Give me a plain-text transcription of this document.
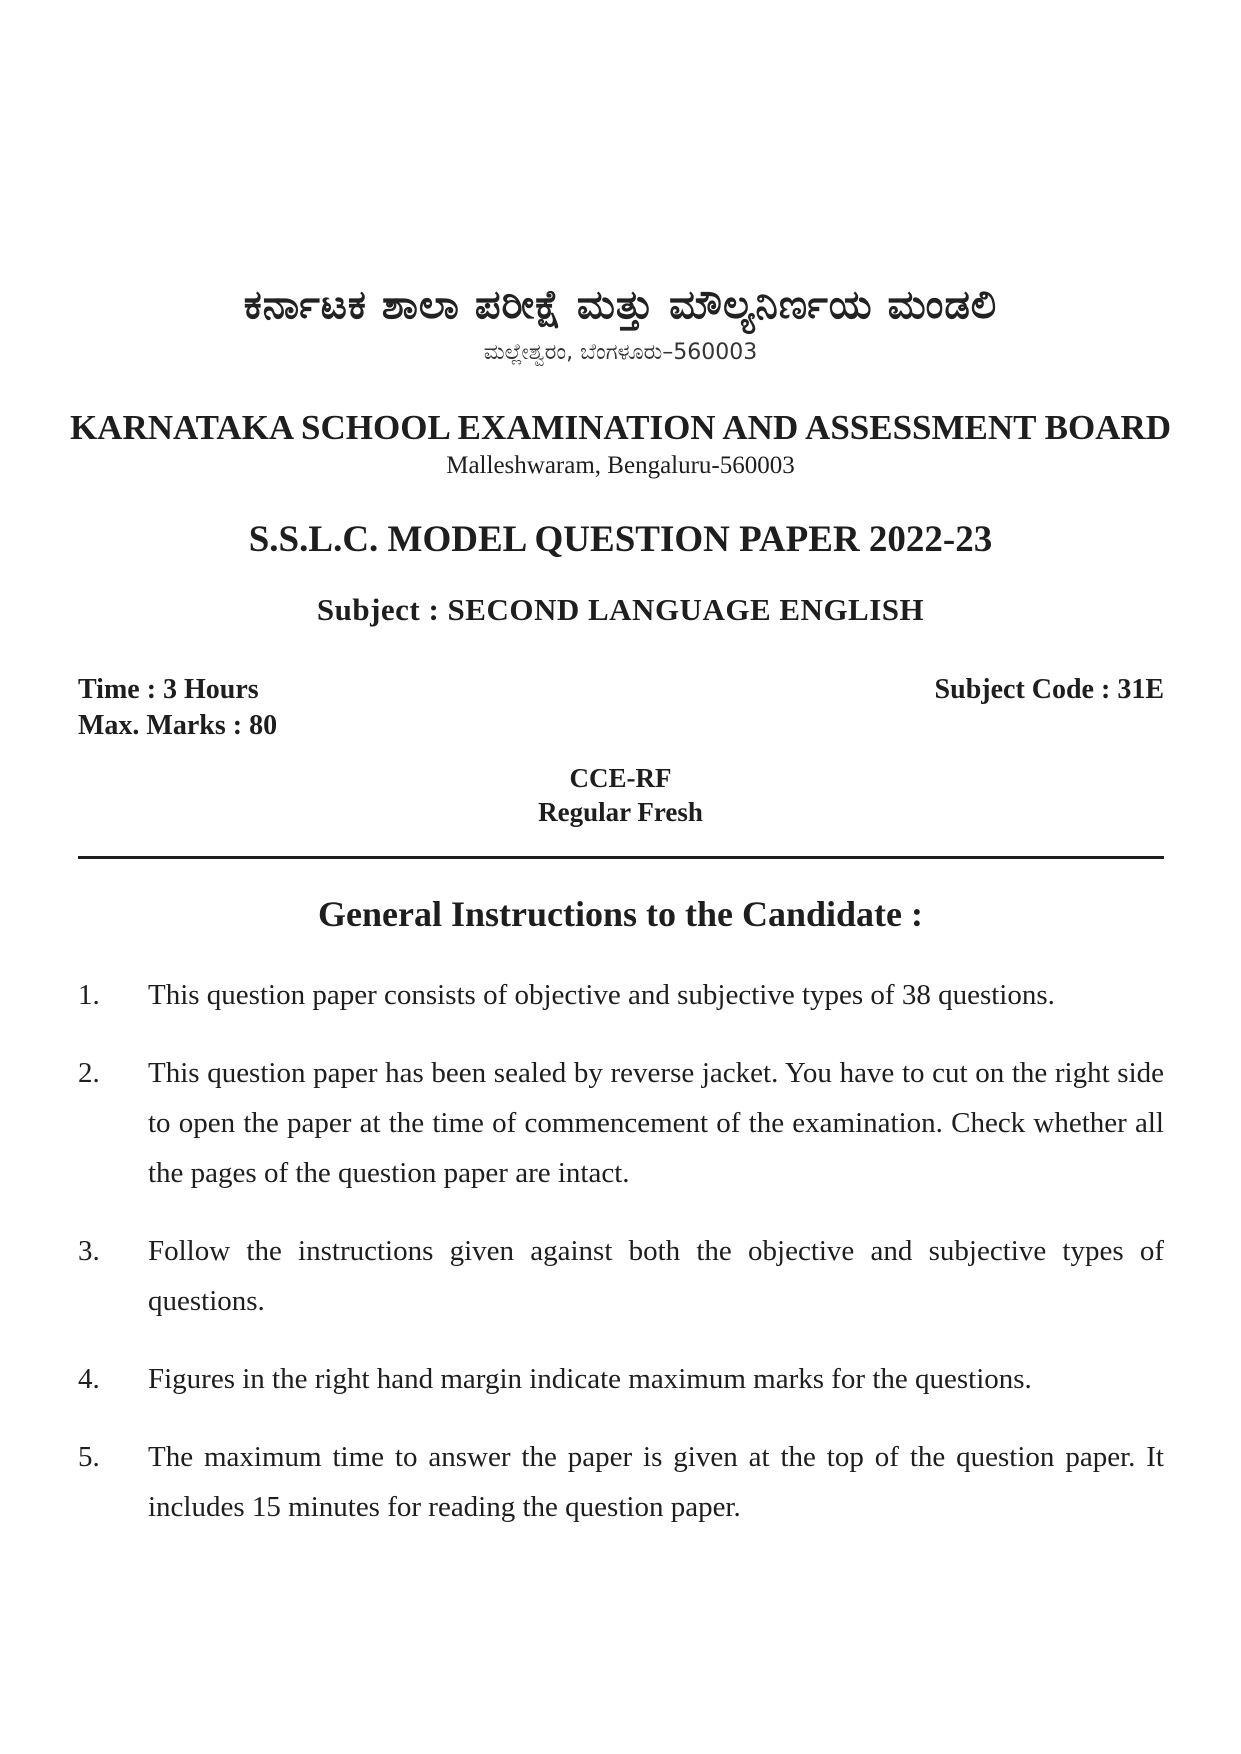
ಕರ್ನಾಟಕ ಶಾಲಾ ಪರೀಕ್ಷೆ ಮತ್ತು ಮೌಲ್ಯನಿರ್ಣಯ ಮಂಡಲಿ
ಮಲ್ಲೇಶ್ವರಂ, ಬೆಂಗಳೂರು–560003
KARNATAKA SCHOOL EXAMINATION AND ASSESSMENT BOARD
Malleshwaram, Bengaluru-560003
S.S.L.C. MODEL QUESTION PAPER 2022-23
Subject : SECOND LANGUAGE ENGLISH
Time : 3 Hours
Max. Marks : 80
Subject Code : 31E
CCE-RF
Regular Fresh
General Instructions to the Candidate :
1. This question paper consists of objective and subjective types of 38 questions.
2. This question paper has been sealed by reverse jacket. You have to cut on the right side to open the paper at the time of commencement of the examination. Check whether all the pages of the question paper are intact.
3. Follow the instructions given against both the objective and subjective types of questions.
4. Figures in the right hand margin indicate maximum marks for the questions.
5. The maximum time to answer the paper is given at the top of the question paper. It includes 15 minutes for reading the question paper.
